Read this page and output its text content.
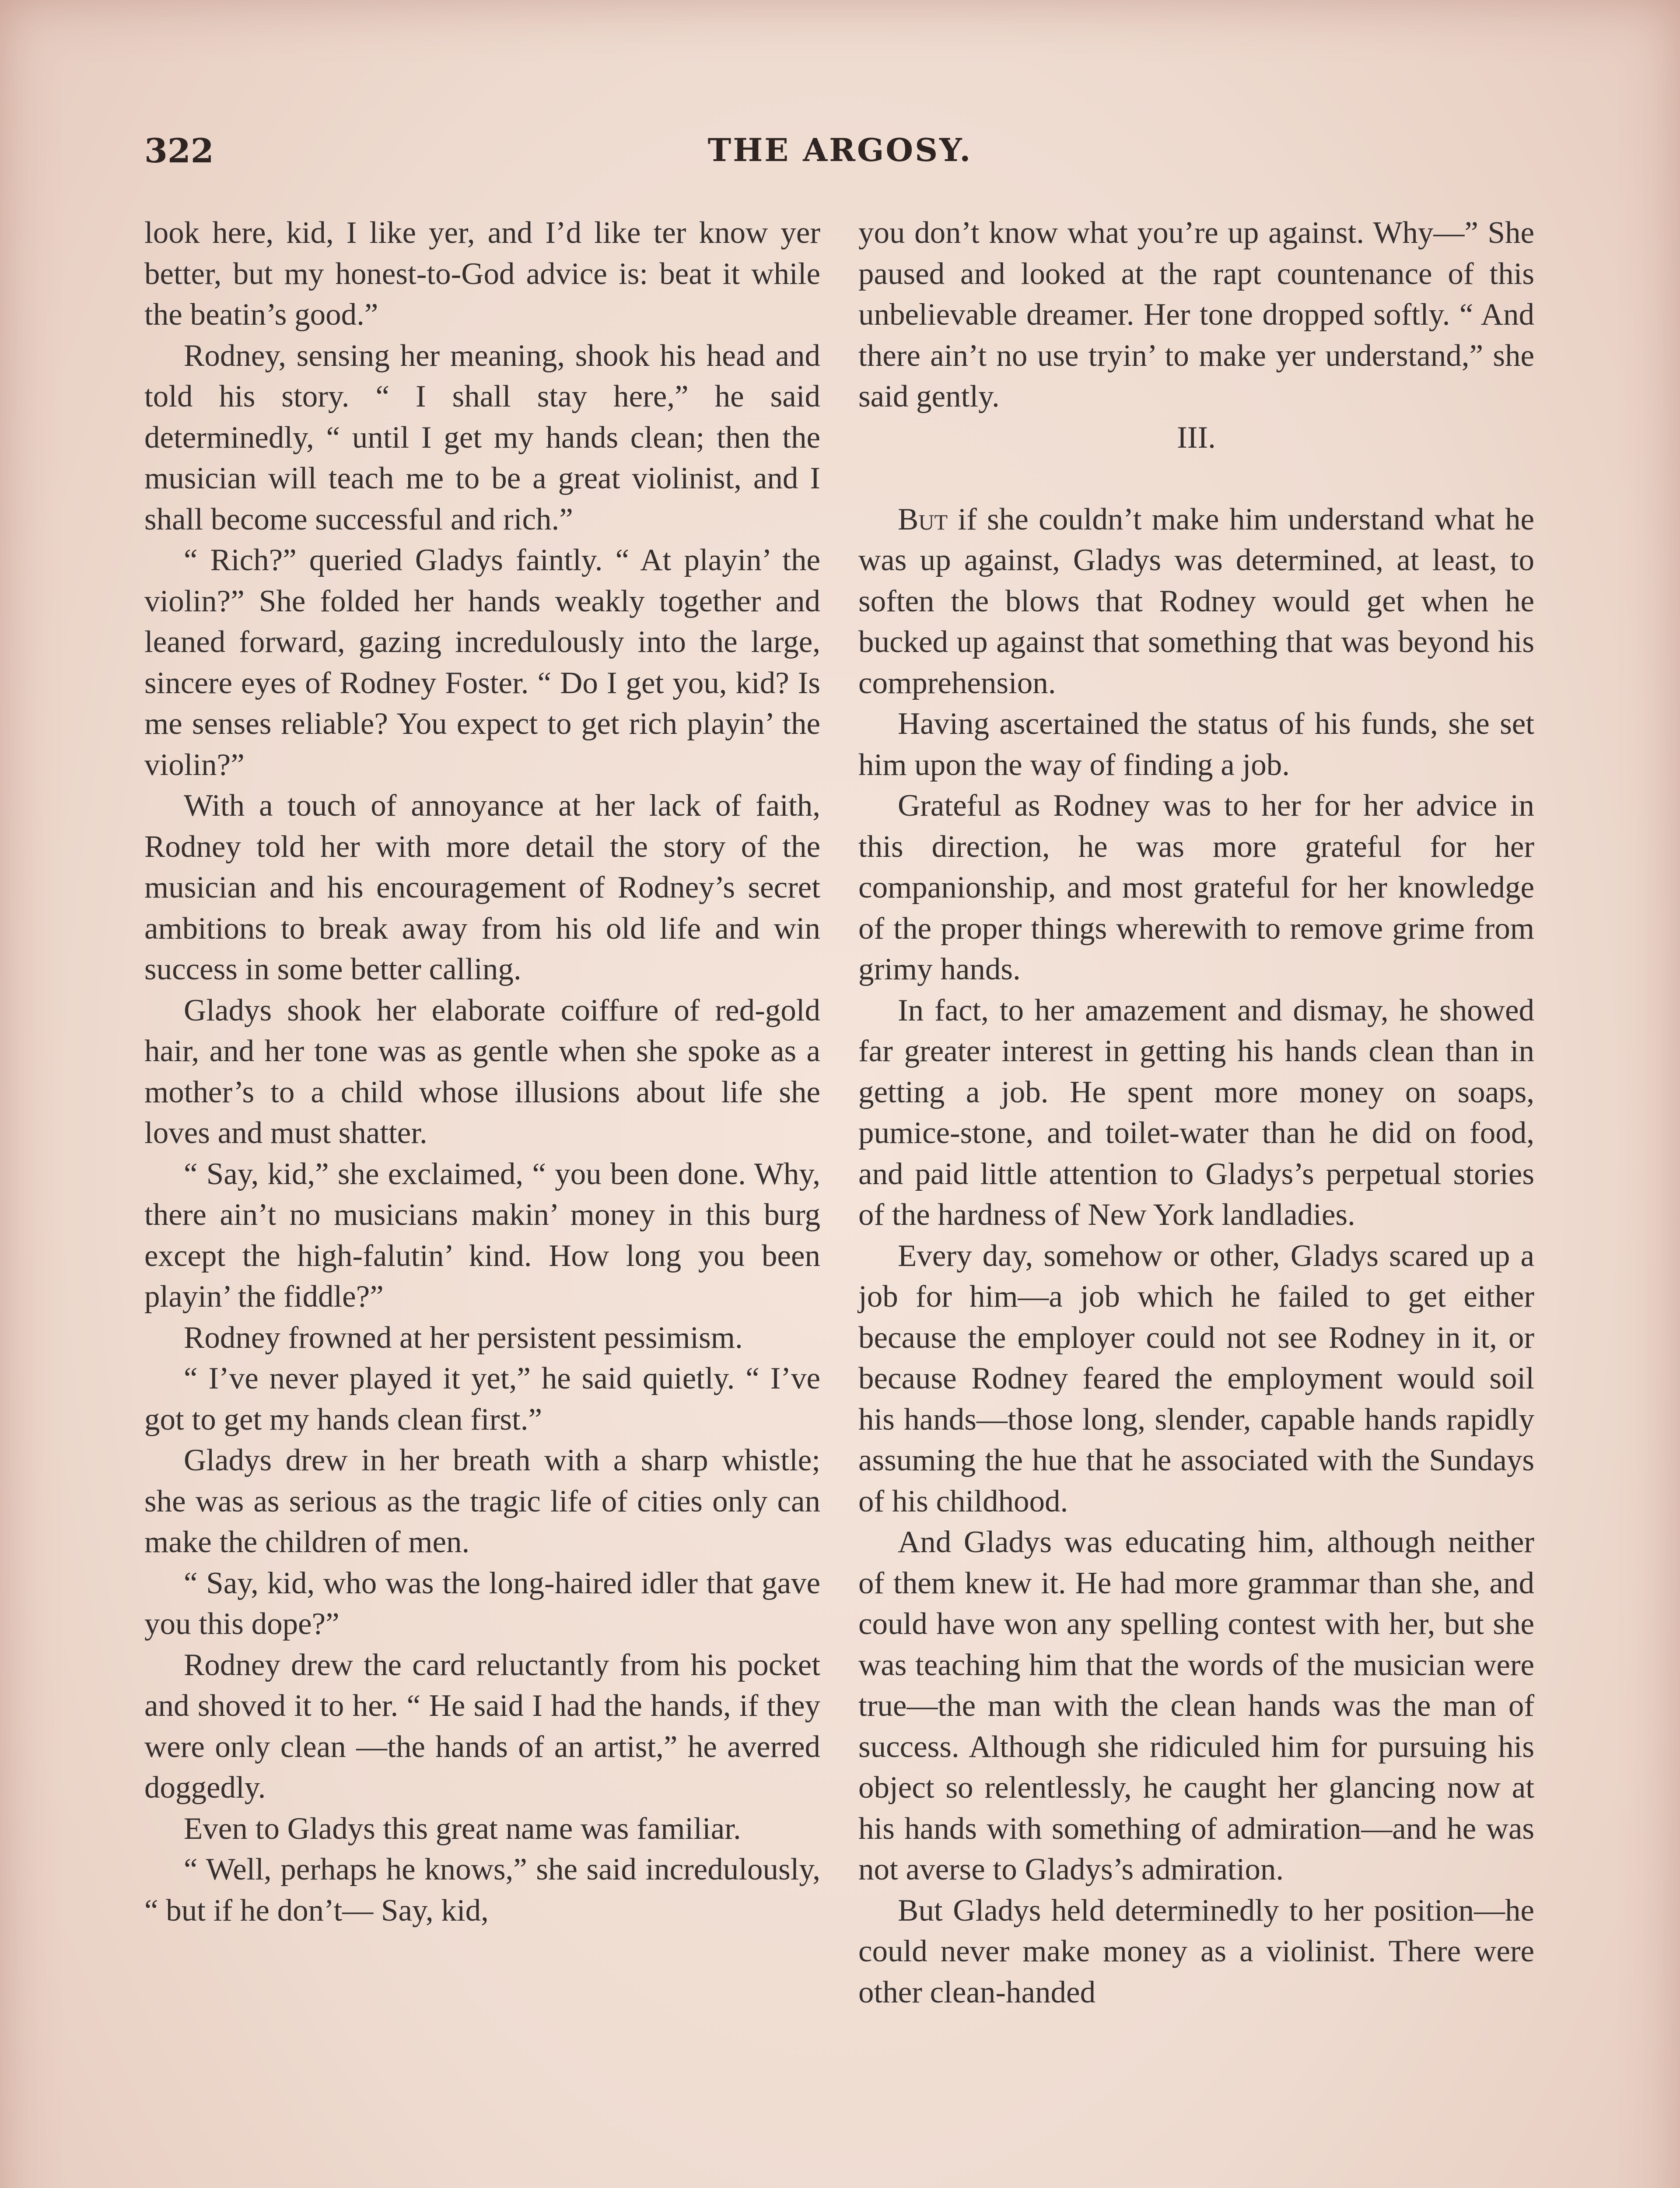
322	THE ARGOSY.

look here, kid, I like yer, and I’d like ter know yer better, but my honest-to-God advice is: beat it while the beatin’s good.”

Rodney, sensing her meaning, shook his head and told his story. “ I shall stay here,” he said determinedly, “ until I get my hands clean; then the musician will teach me to be a great violinist, and I shall become successful and rich.”

“ Rich?” queried Gladys faintly. “ At playin’ the violin?” She folded her hands weakly together and leaned forward, gazing incredulously into the large, sincere eyes of Rodney Foster. “ Do I get you, kid? Is me senses reliable? You expect to get rich playin’ the violin?”

With a touch of annoyance at her lack of faith, Rodney told her with more detail the story of the musician and his encouragement of Rodney’s secret ambitions to break away from his old life and win success in some better calling.

Gladys shook her elaborate coiffure of red-gold hair, and her tone was as gentle when she spoke as a mother’s to a child whose illusions about life she loves and must shatter.

“ Say, kid,” she exclaimed, “ you been done. Why, there ain’t no musicians makin’ money in this burg except the high-falutin’ kind. How long you been playin’ the fiddle?”

Rodney frowned at her persistent pessimism.

“ I’ve never played it yet,” he said quietly. “ I’ve got to get my hands clean first.”

Gladys drew in her breath with a sharp whistle; she was as serious as the tragic life of cities only can make the children of men.

“ Say, kid, who was the long-haired idler that gave you this dope?”

Rodney drew the card reluctantly from his pocket and shoved it to her. “ He said I had the hands, if they were only clean —the hands of an artist,” he averred doggedly.

Even to Gladys this great name was familiar.

“ Well, perhaps he knows,” she said incredulously, “ but if he don’t— Say, kid,

you don’t know what you’re up against. Why—” She paused and looked at the rapt countenance of this unbelievable dreamer. Her tone dropped softly. “ And there ain’t no use tryin’ to make yer understand,” she said gently.

III.

But if she couldn’t make him understand what he was up against, Gladys was determined, at least, to soften the blows that Rodney would get when he bucked up against that something that was beyond his comprehension.

Having ascertained the status of his funds, she set him upon the way of finding a job.

Grateful as Rodney was to her for her advice in this direction, he was more grateful for her companionship, and most grateful for her knowledge of the proper things wherewith to remove grime from grimy hands.

In fact, to her amazement and dismay, he showed far greater interest in getting his hands clean than in getting a job. He spent more money on soaps, pumice-stone, and toilet-water than he did on food, and paid little attention to Gladys’s perpetual stories of the hardness of New York landladies.

Every day, somehow or other, Gladys scared up a job for him—a job which he failed to get either because the employer could not see Rodney in it, or because Rodney feared the employment would soil his hands—those long, slender, capable hands rapidly assuming the hue that he associated with the Sundays of his childhood.

And Gladys was educating him, although neither of them knew it. He had more grammar than she, and could have won any spelling contest with her, but she was teaching him that the words of the musician were true—the man with the clean hands was the man of success. Although she ridiculed him for pursuing his object so relentlessly, he caught her glancing now at his hands with something of admiration—and he was not averse to Gladys’s admiration.

But Gladys held determinedly to her position—he could never make money as a violinist. There were other clean-handed
